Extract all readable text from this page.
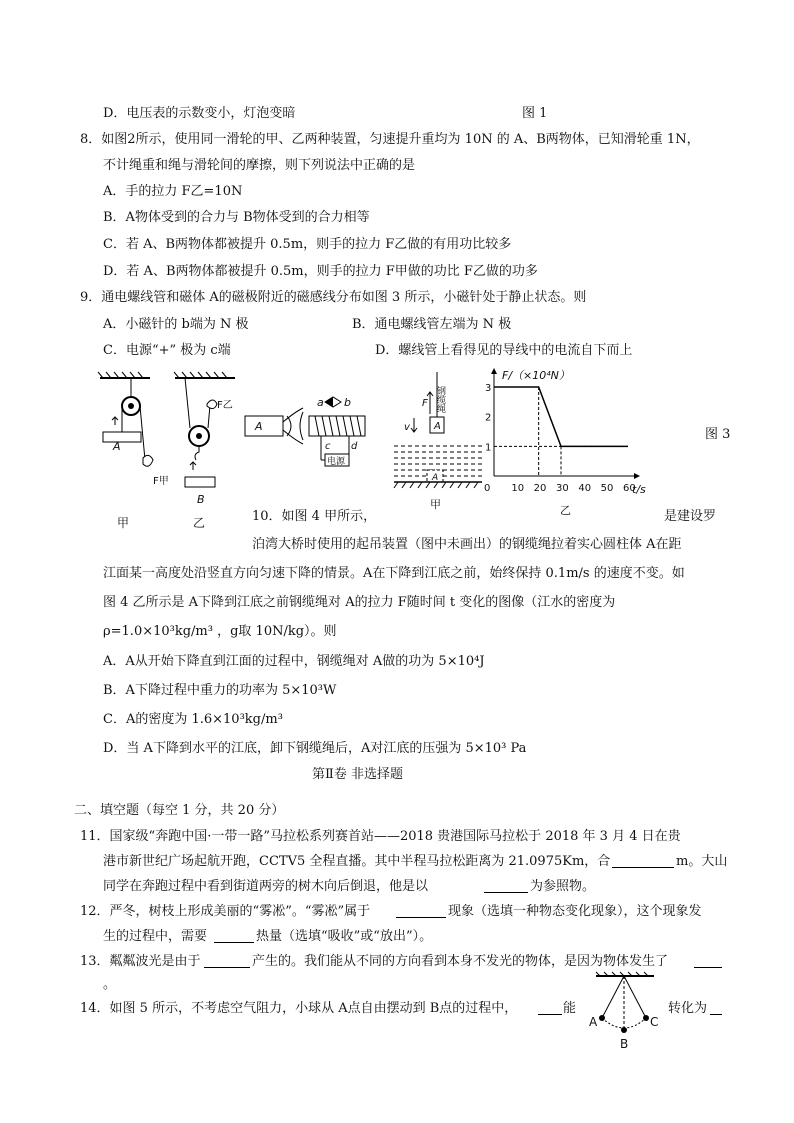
D．电压表的示数变小，灯泡变暗	图 1
8．如图2所示，使用同一滑轮的甲、乙两种装置，匀速提升重均为 10N 的 A、B两物体，已知滑轮重 1N，
不计绳重和绳与滑轮间的摩擦，则下列说法中正确的是
A．手的拉力 F乙=10N
B．A物体受到的合力与 B物体受到的合力相等
C．若 A、B两物体都被提升 0.5m，则手的拉力 F乙做的有用功比较多
D．若 A、B两物体都被提升 0.5m，则手的拉力 F甲做的功比 F乙做的功多
9．通电螺线管和磁体 A的磁极附近的磁感线分布如图 3 所示，小磁针处于静止状态。则
A．小磁针的 b端为 N 极	B．通电螺线管左端为 N 极
C．电源“+” 极为 c端	D．螺线管上看得见的导线中的电流自下而上
A
F甲
F乙
B
甲	乙
A
a b
c d
电源
钢缆绳
F
v A
A
甲
1
2
3
0 10 20 30 40 50 60
F/（×10⁴N）
t/s
乙
图 3
10．如图 4 甲所示，	是建设罗
泊湾大桥时使用的起吊装置（图中未画出）的钢缆绳拉着实心圆柱体 A在距
江面某一高度处沿竖直方向匀速下降的情景。A在下降到江底之前，始终保持 0.1m/s 的速度不变。如
图 4 乙所示是 A下降到江底之前钢缆绳对 A的拉力 F随时间 t 变化的图像（江水的密度为
ρ=1.0×10³kg/m³ ，g取 10N/kg）。则
A．A从开始下降直到江面的过程中，钢缆绳对 A做的功为 5×10⁴J
B．A下降过程中重力的功率为 5×10³W
C．A的密度为 1.6×10³kg/m³
D．当 A下降到水平的江底，卸下钢缆绳后，A对江底的压强为 5×10³ Pa
第Ⅱ卷 非选择题
二、填空题（每空 1 分，共 20 分）
11．国家级“奔跑中国·一带一路”马拉松系列赛首站——2018 贵港国际马拉松于 2018 年 3 月 4 日在贵
港市新世纪广场起航开跑，CCTV5 全程直播。其中半程马拉松距离为 21.0975Km，合	m。大山
同学在奔跑过程中看到街道两旁的树木向后倒退，他是以	为参照物。
12．严冬，树枝上形成美丽的“雾凇”。“雾凇”属于	现象（选填一种物态变化现象），这个现象发
生的过程中，需要	热量（选填“吸收”或“放出”）。
13．粼粼波光是由于	产生的。我们能从不同的方向看到本身不发光的物体，是因为物体发生了
。
14．如图 5 所示，不考虑空气阻力，小球从 A点自由摆动到 B点的过程中，	能	转化为
A
B
C
